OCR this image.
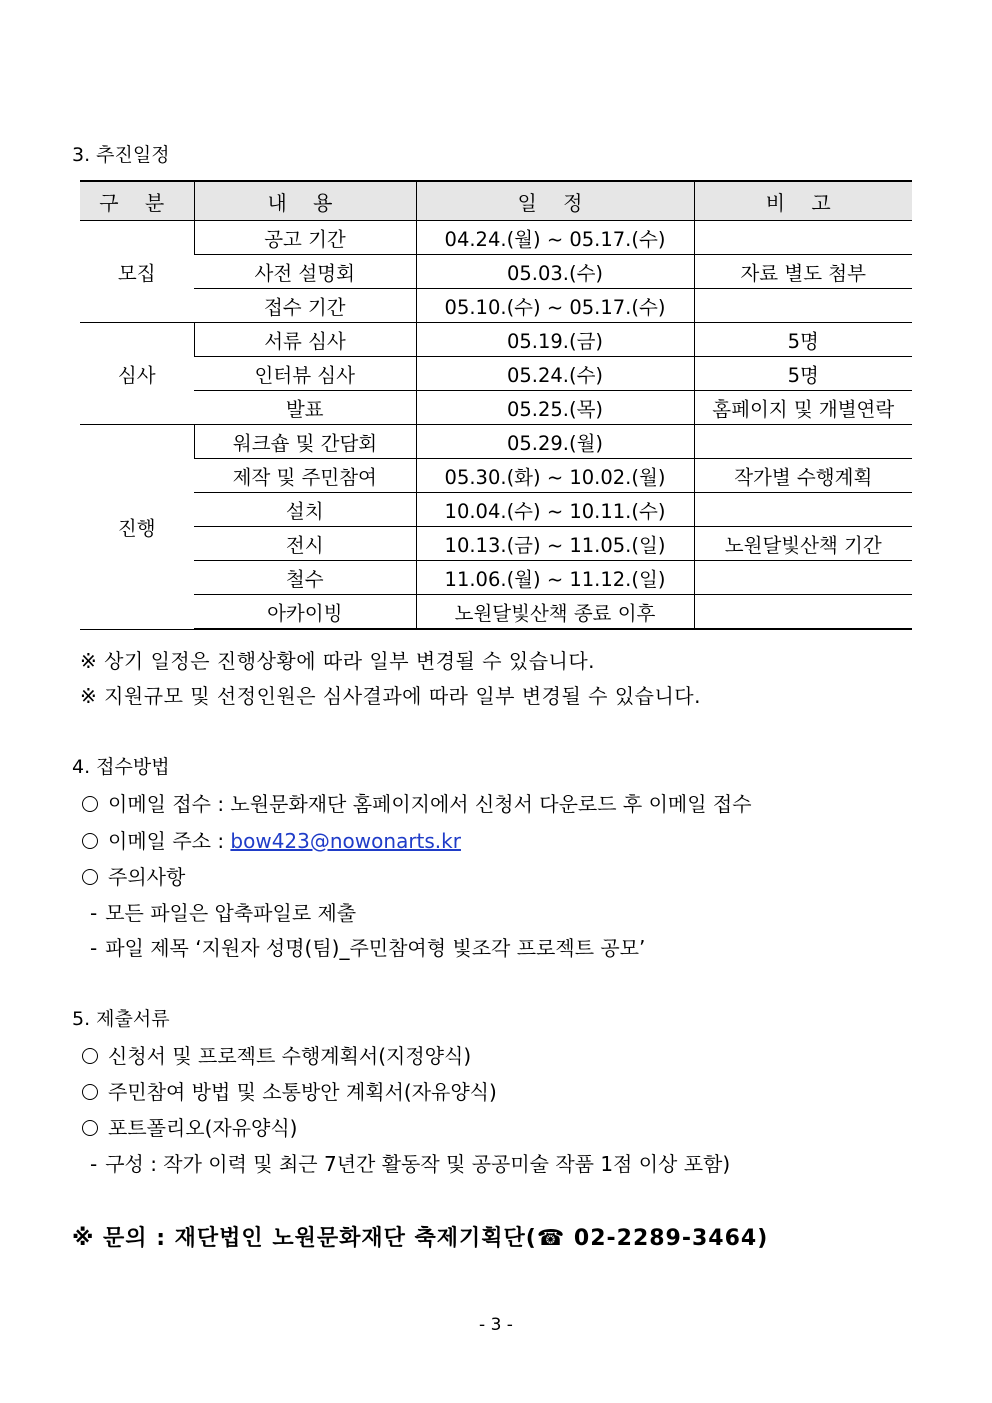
3. 추진일정
구 분	내 용	일 정	비 고
모집	공고 기간	04.24.(월) ~ 05.17.(수)	
	사전 설명회	05.03.(수)	자료 별도 첨부
	접수 기간	05.10.(수) ~ 05.17.(수)	
심사	서류 심사	05.19.(금)	5명
	인터뷰 심사	05.24.(수)	5명
	발표	05.25.(목)	홈페이지 및 개별연락
진행	워크숍 및 간담회	05.29.(월)	
	제작 및 주민참여	05.30.(화) ~ 10.02.(월)	작가별 수행계획
	설치	10.04.(수) ~ 10.11.(수)	
	전시	10.13.(금) ~ 11.05.(일)	노원달빛산책 기간
	철수	11.06.(월) ~ 11.12.(일)	
	아카이빙	노원달빛산책 종료 이후	
※ 상기 일정은 진행상황에 따라 일부 변경될 수 있습니다.
※ 지원규모 및 선정인원은 심사결과에 따라 일부 변경될 수 있습니다.
4. 접수방법
이메일 접수 : 노원문화재단 홈페이지에서 신청서 다운로드 후 이메일 접수
이메일 주소 : bow423@nowonarts.kr
주의사항
- 모든 파일은 압축파일로 제출
- 파일 제목 ‘지원자 성명(팀)_주민참여형 빛조각 프로젝트 공모’
5. 제출서류
신청서 및 프로젝트 수행계획서(지정양식)
주민참여 방법 및 소통방안 계획서(자유양식)
포트폴리오(자유양식)
- 구성 : 작가 이력 및 최근 7년간 활동작 및 공공미술 작품 1점 이상 포함)
※ 문의 : 재단법인 노원문화재단 축제기획단(☎ 02-2289-3464)
- 3 -
